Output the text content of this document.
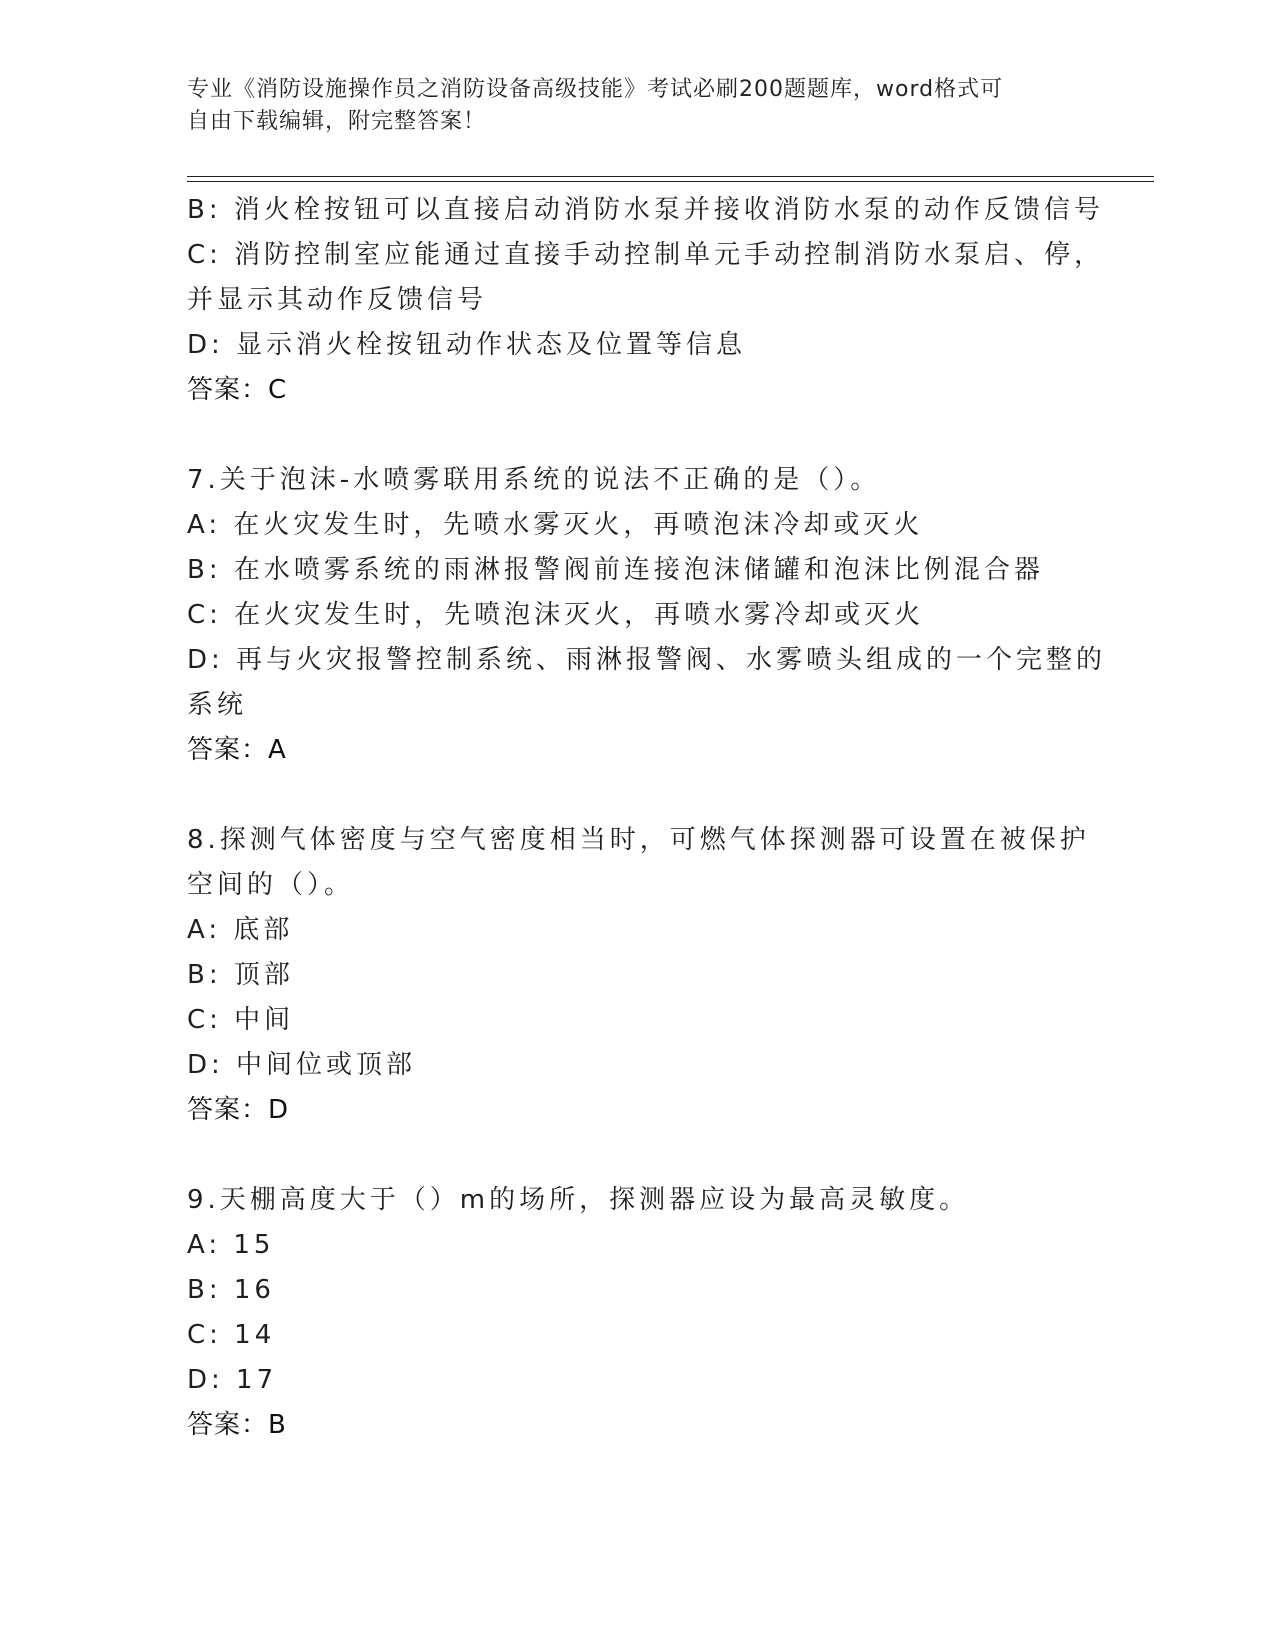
专业《消防设施操作员之消防设备高级技能》考试必刷200题题库，word格式可
自由下载编辑，附完整答案！
B: 消火栓按钮可以直接启动消防水泵并接收消防水泵的动作反馈信号
C: 消防控制室应能通过直接手动控制单元手动控制消防水泵启、停，
并显示其动作反馈信号
D: 显示消火栓按钮动作状态及位置等信息
答案：C
7.关于泡沫-水喷雾联用系统的说法不正确的是（）。
A: 在火灾发生时，先喷水雾灭火，再喷泡沫冷却或灭火
B: 在水喷雾系统的雨淋报警阀前连接泡沫储罐和泡沫比例混合器
C: 在火灾发生时，先喷泡沫灭火，再喷水雾冷却或灭火
D: 再与火灾报警控制系统、雨淋报警阀、水雾喷头组成的一个完整的
系统
答案：A
8.探测气体密度与空气密度相当时，可燃气体探测器可设置在被保护
空间的（）。
A: 底部
B: 顶部
C: 中间
D: 中间位或顶部
答案：D
9.天棚高度大于（）m的场所，探测器应设为最高灵敏度。
A: 15
B: 16
C: 14
D: 17
答案：B
